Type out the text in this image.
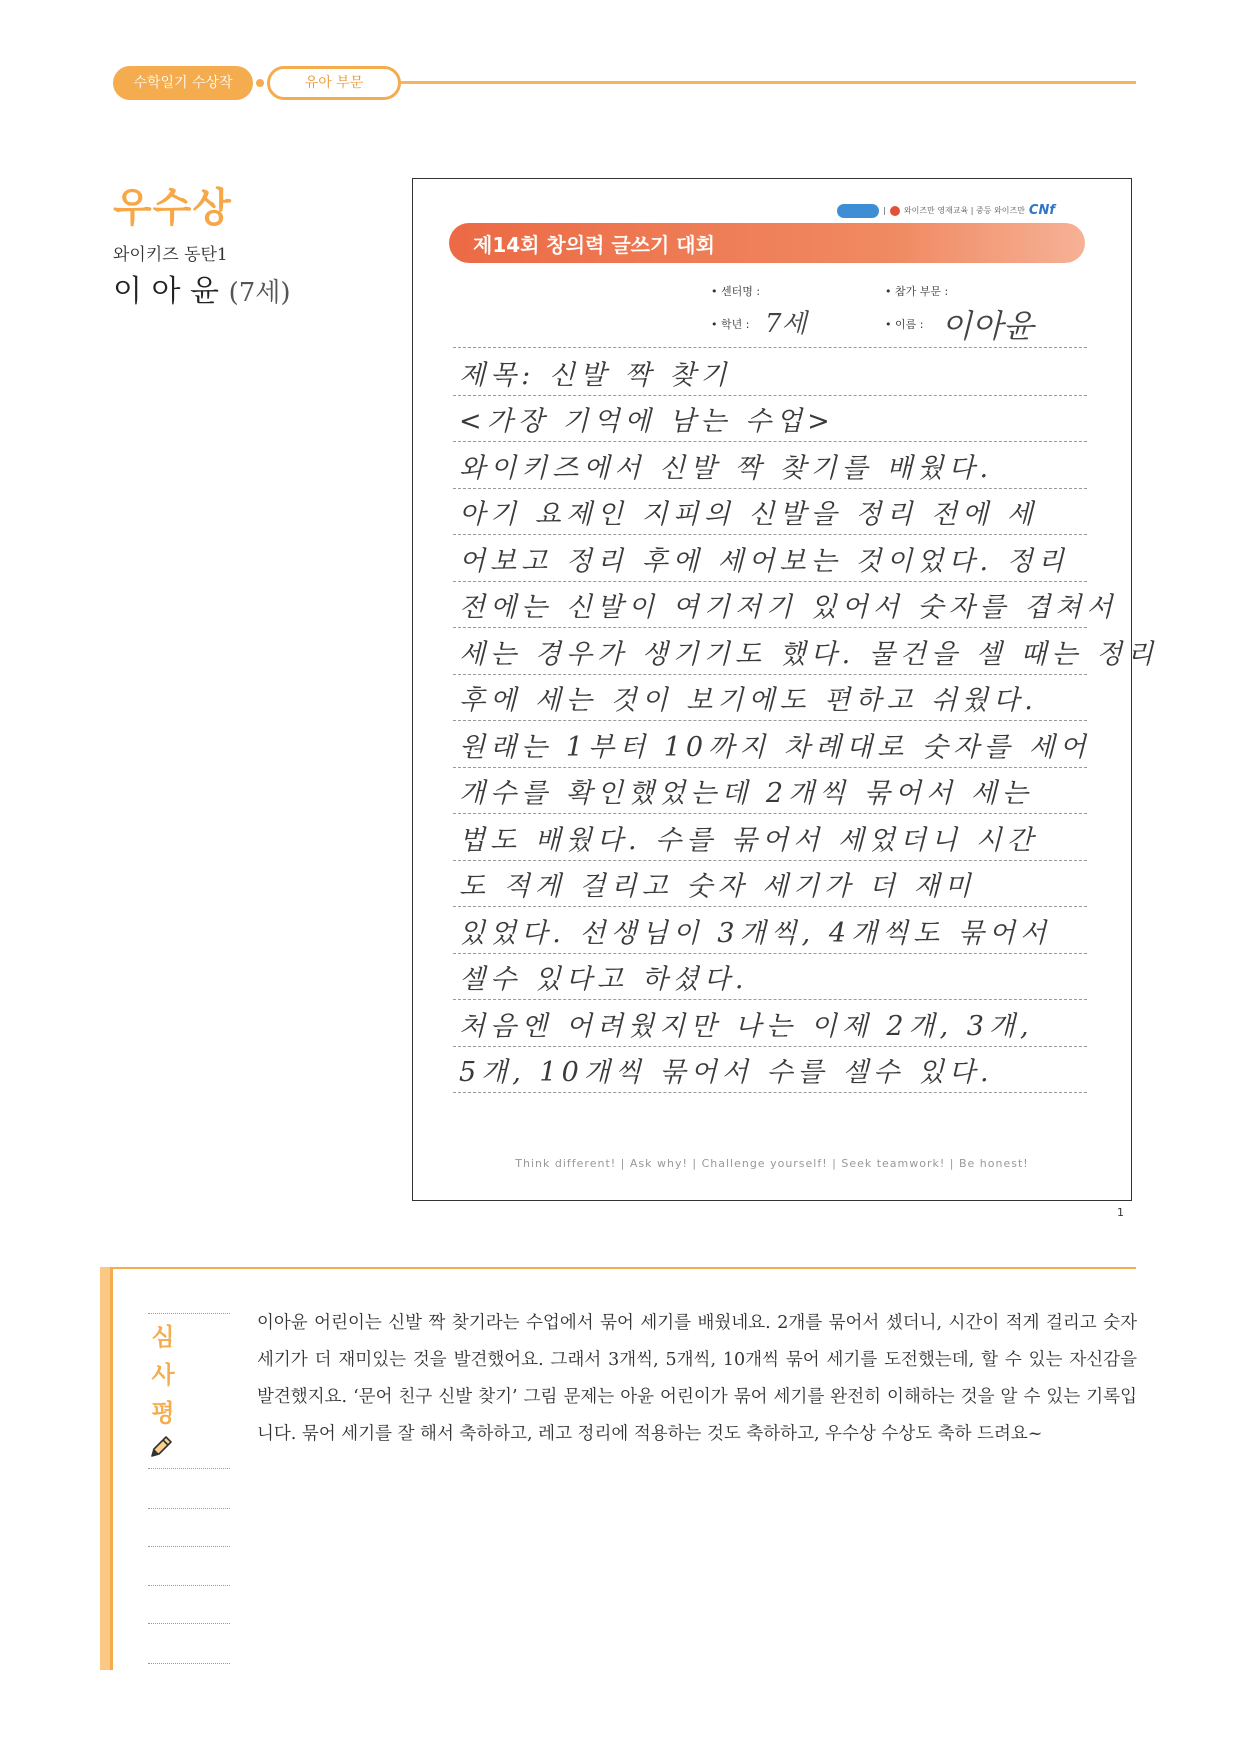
수학일기 수상작	유아 부문
우수상
와이키즈 동탄1
이 아 윤 (7세)
| 와이즈만 영재교육 | 중등 와이즈만 CNf
제14회 창의력 글쓰기 대회
• 센터명 :	• 참가 부문 :
• 학년 : 7세	• 이름 : 이아윤
제목: 신발 짝 찾기
<가장 기억에 남는 수업>
와이키즈에서 신발 짝 찾기를 배웠다.
아기 요제인 지피의 신발을 정리 전에 세
어보고 정리 후에 세어보는 것이었다. 정리
전에는 신발이 여기저기 있어서 숫자를 겹쳐서
세는 경우가 생기기도 했다. 물건을 셀 때는 정리
후에 세는 것이 보기에도 편하고 쉬웠다.
원래는 1부터 10까지 차례대로 숫자를 세어
개수를 확인했었는데 2개씩 묶어서 세는
법도 배웠다. 수를 묶어서 세었더니 시간
도 적게 걸리고 숫자 세기가 더 재미
있었다. 선생님이 3개씩, 4개씩도 묶어서
셀수 있다고 하셨다.
처음엔 어려웠지만 나는 이제 2개, 3개,
5개, 10개씩 묶어서 수를 셀수 있다.
Think different! | Ask why! | Challenge yourself! | Seek teamwork! | Be honest!
1
심
사
평
이아윤 어린이는 신발 짝 찾기라는 수업에서 묶어 세기를 배웠네요. 2개를 묶어서 셌더니, 시간이 적게 걸리고 숫자 세기가 더 재미있는 것을 발견했어요. 그래서 3개씩, 5개씩, 10개씩 묶어 세기를 도전했는데, 할 수 있는 자신감을 발견했지요. ‘문어 친구 신발 찾기’ 그림 문제는 아윤 어린이가 묶어 세기를 완전히 이해하는 것을 알 수 있는 기록입니다. 묶어 세기를 잘 해서 축하하고, 레고 정리에 적용하는 것도 축하하고, 우수상 수상도 축하 드려요~
